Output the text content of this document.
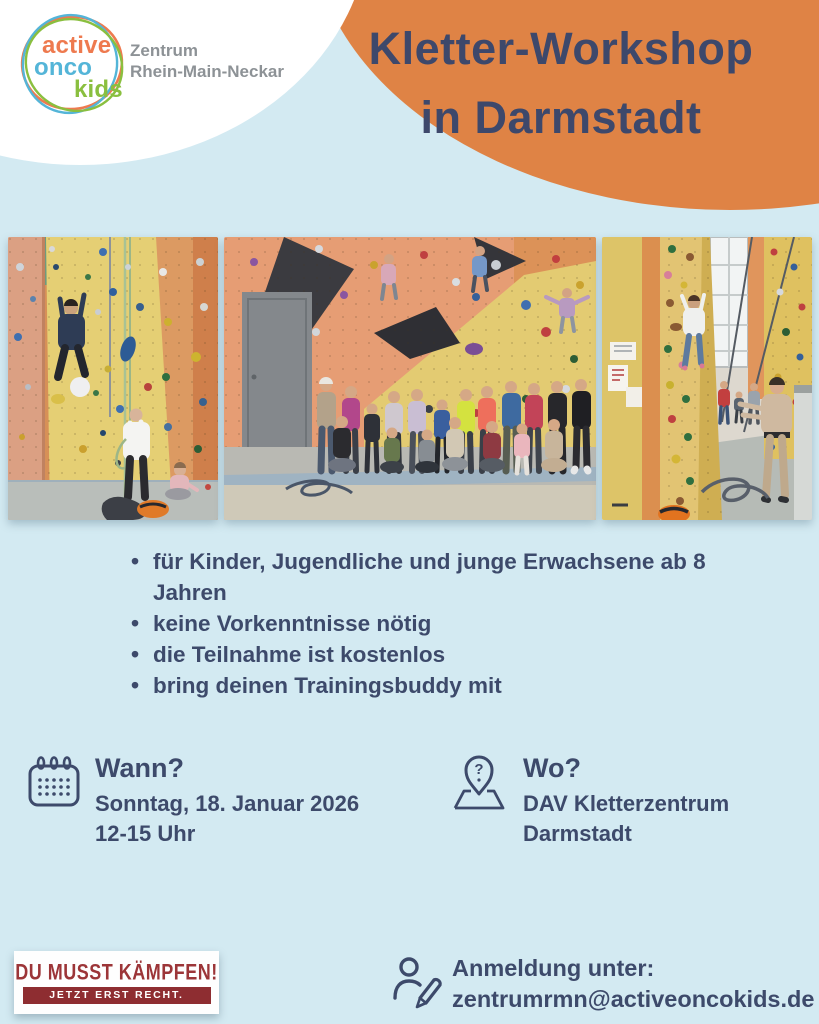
active
onco
kids
Zentrum
Rhein-Main-Neckar	Kletter-Workshop
in Darmstadt
• für Kinder, Jugendliche und junge Erwachsene ab 8 Jahren
• keine Vorkenntnisse nötig
• die Teilnahme ist kostenlos
• bring deinen Trainingsbuddy mit
Wann?
Sonntag, 18. Januar 2026
12-15 Uhr
? Wo?
DAV Kletterzentrum
Darmstadt
DU MUSST KÄMPFEN!
JETZT ERST RECHT.
Anmeldung unter:
zentrumrmn@activeoncokids.de
